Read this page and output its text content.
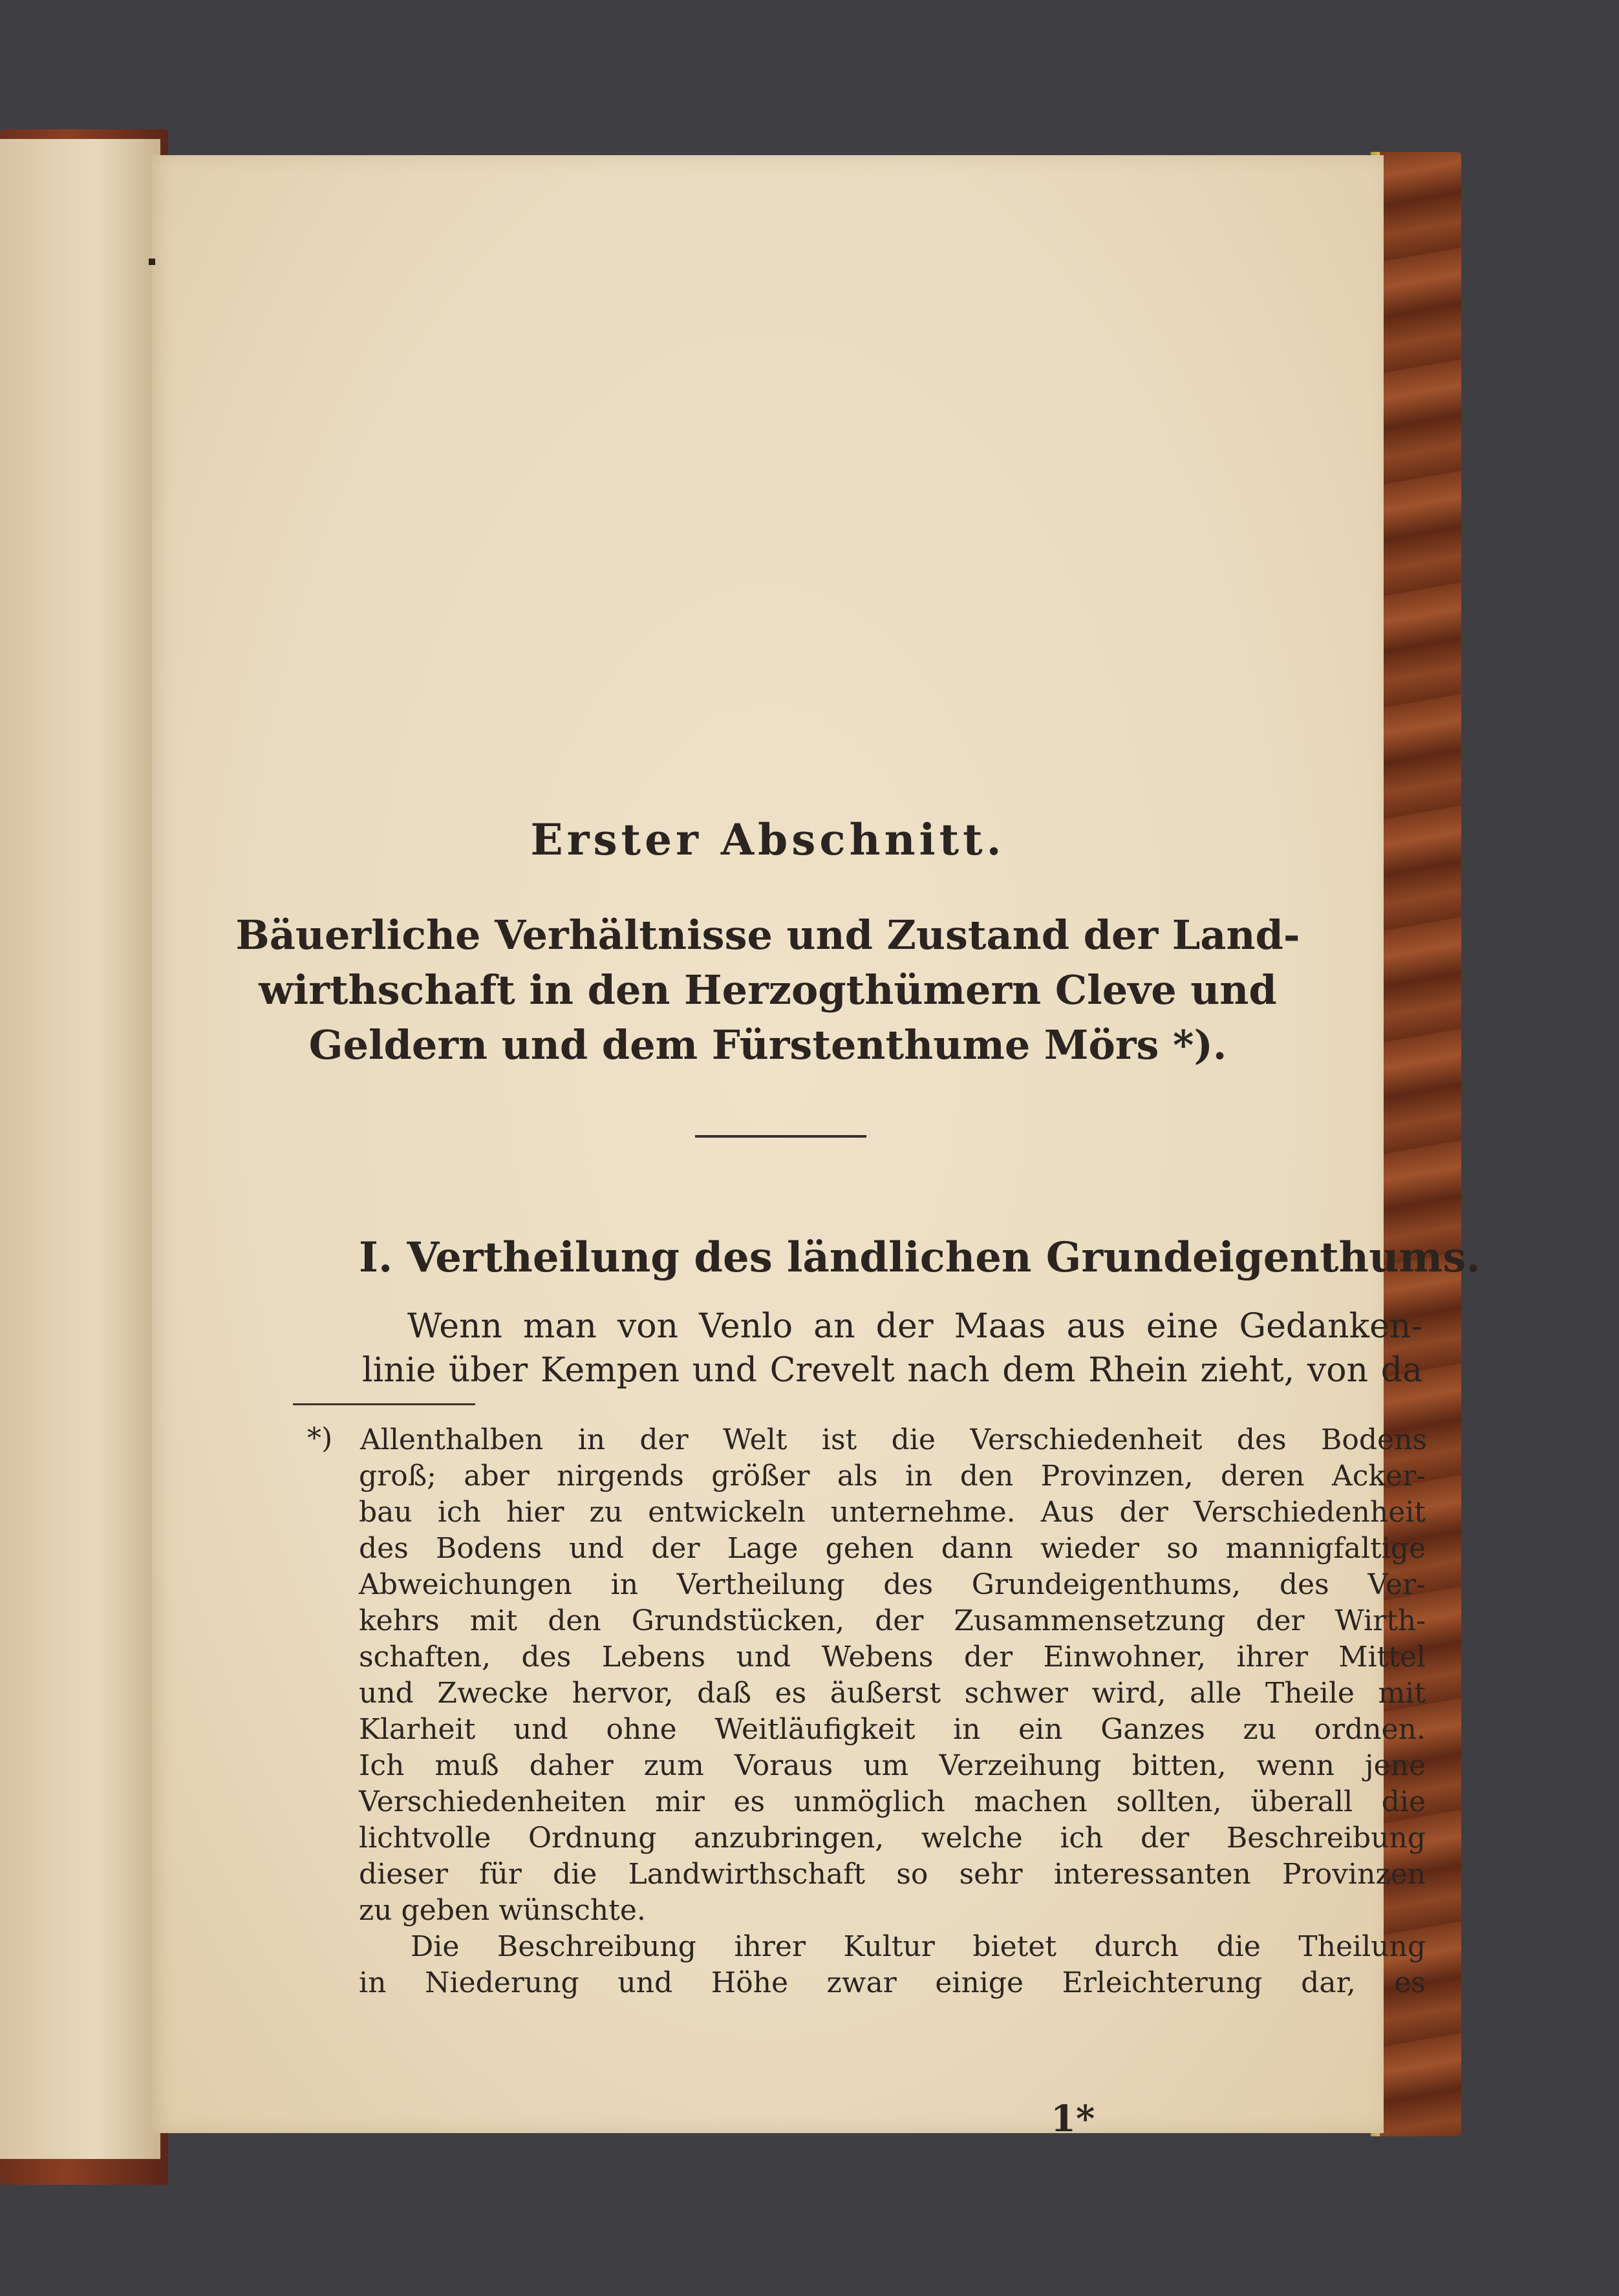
Erster Abschnitt.
Bäuerliche Verhältnisse und Zustand der Land-
wirthschaft in den Herzogthümern Cleve und
Geldern und dem Fürstenthume Mörs *).
I. Vertheilung des ländlichen Grundeigenthums.
Wenn man von Venlo an der Maas aus eine Gedanken-
linie über Kempen und Crevelt nach dem Rhein zieht, von da
*) Allenthalben in der Welt ist die Verschiedenheit des Bodens
groß; aber nirgends größer als in den Provinzen, deren Acker-
bau ich hier zu entwickeln unternehme. Aus der Verschiedenheit
des Bodens und der Lage gehen dann wieder so mannigfaltige
Abweichungen in Vertheilung des Grundeigenthums, des Ver-
kehrs mit den Grundstücken, der Zusammensetzung der Wirth-
schaften, des Lebens und Webens der Einwohner, ihrer Mittel
und Zwecke hervor, daß es äußerst schwer wird, alle Theile mit
Klarheit und ohne Weitläufigkeit in ein Ganzes zu ordnen.
Ich muß daher zum Voraus um Verzeihung bitten, wenn jene
Verschiedenheiten mir es unmöglich machen sollten, überall die
lichtvolle Ordnung anzubringen, welche ich der Beschreibung
dieser für die Landwirthschaft so sehr interessanten Provinzen
zu geben wünschte.
Die Beschreibung ihrer Kultur bietet durch die Theilung
in Niederung und Höhe zwar einige Erleichterung dar, es
1*
